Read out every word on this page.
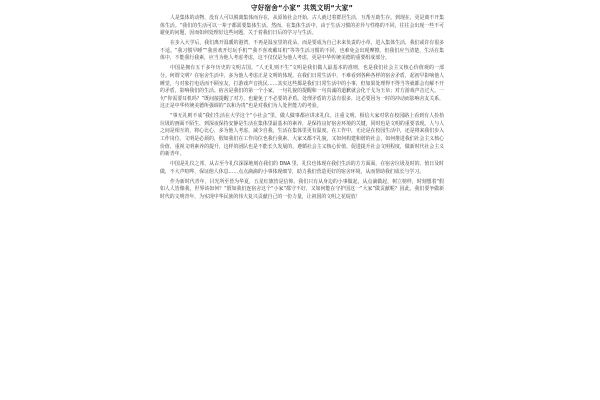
守好宿舍“小家” 共筑文明“大家”

人是集体的动物，没有人可以脱离集体而存在，从原始社会开始，古人就过着群居生活，互帮互助生存。到现在，更是离不开集体生活。“我们的生活可以一辈子都需要集体生活。然而，在集体生活中，由于生活习惯的差异与性格的不同，往往会出现一些不可避免的问题，因而如何处理好这些问题，关于着我们日后的学习与生活。

在步入大学后，我们离开温暖的港湾，不再是温室里的花朵，而是要成为自己未来负责的小草，进入集体生活，我们或许有很多不适。“我习惯早睡”“我喜欢开灯玩手机”“我不喜欢戴耳机”等等生活习惯的不同，也难免会出现摩擦。但我们应当清楚，生活在集体中，不能我行我素，应当为他人考虑考虑，这不仅仅是为他人考虑，更是中华传统美德的重要组成部分。

中国是拥有五千多年历史的文明古国，“人无礼则不生”文明是我们做人最基本的准则，也是我们社会主义核心价值观的一部分。何谓文明？在宿舍生活中，多为他人考虑正是文明的体现。在我们日常生活中，不难看到各种各样的宿舍矛盾，起初早影响他人睡觉，与对象打电话而不顾室友，打游戏声音扰民……其实这些都是我们日常生活中的小事，但如果处理得不得当等就都会有解不开的矛盾，影响我们的生活。宿舍是我们的第一个小家，一句礼貌的提醒和一句真诚的道歉就会化干戈为玉帛；对方游戏声音过大，一句“你需要耳机吗？”既间接提醒了对方，也避免了不必要的矛盾。处理矛盾的方法有很多，这必要因为一时的冲动而影响舍友关系，这正是中华传统美德所强调的“以和为贵”也是对我们为人处世能力的考验。

“事无礼则不成”我们生活在大学这个“小社会”里，做人做事都应讲求礼仪，注重文明。相信大家对常在校园路上看到有人捡拾垃圾的画面不陌生，到深夜保持安静是生活在集体里最基本的素养，是保持良好宿舍环境的关键，同时也是文明的重要表现。人与人之间是相互的，将心比心，多为他人考虑，减少自我，生活在集体里更有温度。在工作中，无论是在校园生活中，还是将来我们步入工作岗位，文明是必须的，假如我们在工作岗位也我行我素，大家又都不礼貌，又如何构建和谐的社会，如何推进我们社会主义核心价值，重视文明素养的提升，这样的团队也是不能长久发展的，遵循社会主义核心价值，促进提升社会文明程度，做新时代社会主义的新青年。

中国是礼仪之邦，从古至今礼仪深深地刻在我们的 DNA 里，礼仪也体现在我们生活的方方面面，在宿舍垃圾及时的、值日及时做，不大声喧哗，保证他人休息……点点滴滴的小事体现细节，助力我们营造更好的宿舍环境，从而帮助我们成长与学习。

作为新时代青年，目光所至皆为华夏，五星红旗皆是信仰。我们只有从身边的小事做起，从点滴做起，树立榜样，时刻想着“假如人人皆像我，世界该如何？”假如我们连宿舍这个“小家”都守不好，又如何能在守护国这一“大家”做贡献呢？因此，我们要争做新时代的文明青年，为实现中华民族的伟大复兴贡献自己的一份力量，让祖国的文明之花绽放！
